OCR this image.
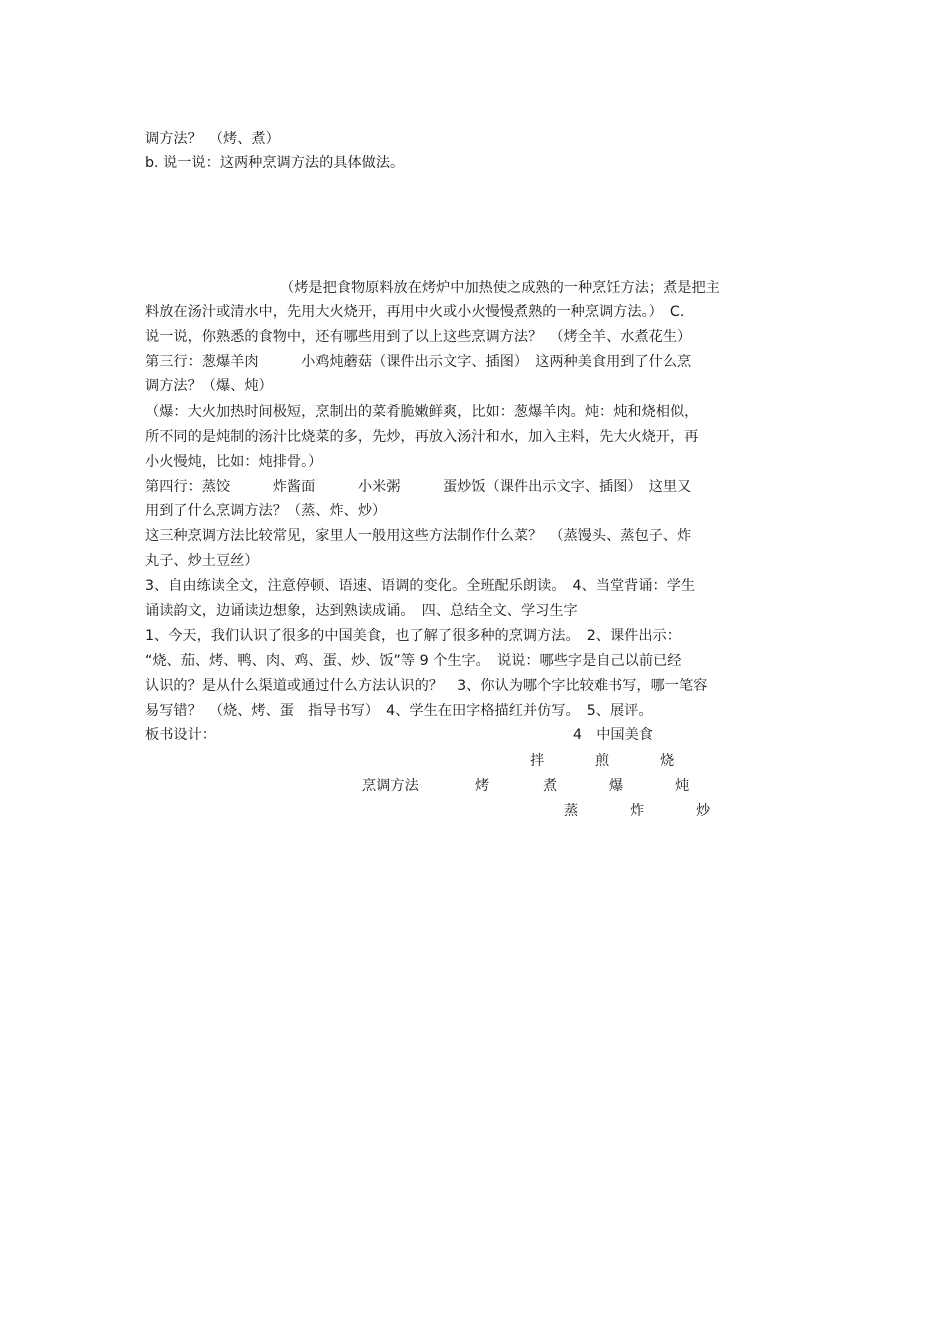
调方法？　（烤、煮）

b. 说一说：这两种烹调方法的具体做法。

（烤是把食物原料放在烤炉中加热使之成熟的一种烹饪方法；煮是把主

料放在汤汁或清水中，先用大火烧开，再用中火或小火慢慢煮熟的一种烹调方法。）　C.

说一说，你熟悉的食物中，还有哪些用到了以上这些烹调方法？　（烤全羊、水煮花生）

第三行：葱爆羊肉　　　小鸡炖蘑菇（课件出示文字、插图）　这两种美食用到了什么烹

调方法？（爆、炖）

（爆：大火加热时间极短，烹制出的菜肴脆嫩鲜爽，比如：葱爆羊肉。炖：炖和烧相似，

所不同的是炖制的汤汁比烧菜的多，先炒，再放入汤汁和水，加入主料，先大火烧开，再

小火慢炖，比如：炖排骨。）

第四行：蒸饺　　　炸酱面　　　小米粥　　　蛋炒饭（课件出示文字、插图）　这里又

用到了什么烹调方法？（蒸、炸、炒）

这三种烹调方法比较常见，家里人一般用这些方法制作什么菜？　（蒸馒头、蒸包子、炸

丸子、炒土豆丝）

3、自由练读全文，注意停顿、语速、语调的变化。全班配乐朗读。　4、当堂背诵：学生

诵读韵文，边诵读边想象，达到熟读成诵。　四、总结全文、学习生字

1、今天，我们认识了很多的中国美食，也了解了很多种的烹调方法。　2、课件出示：

“烧、茄、烤、鸭、肉、鸡、蛋、炒、饭”等 9 个生字。　说说：哪些字是自己以前已经

认识的？是从什么渠道或通过什么方法认识的？　3、你认为哪个字比较难书写，哪一笔容

易写错？　（烧、烤、蛋　指导书写）　4、学生在田字格描红并仿写。　5、展评。

板书设计：	4　中国美食
拌	煎	烧
烹调方法	烤	煮	爆	炖
蒸	炸	炒
